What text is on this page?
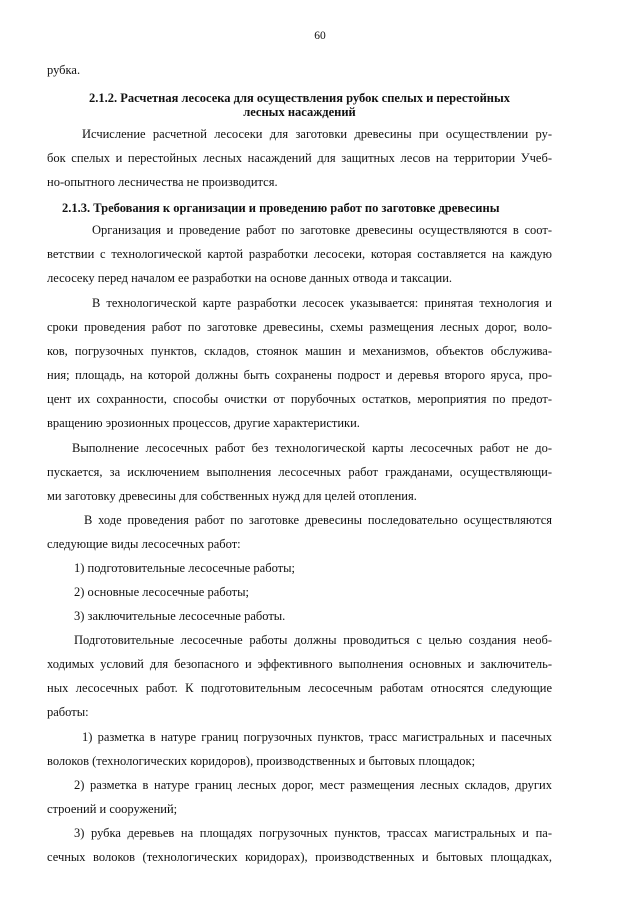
60
рубка.
2.1.2. Расчетная лесосека для осуществления рубок спелых и перестойных
лесных насаждений
Исчисление расчетной лесосеки для заготовки древесины при осуществлении ру-
бок спелых и перестойных лесных насаждений для защитных лесов на территории Учеб-
но-опытного лесничества не производится.
2.1.3. Требования к организации и проведению работ по заготовке древесины
Организация и проведение работ по заготовке древесины осуществляются в соот-
ветствии с технологической картой разработки лесосеки, которая составляется на каждую
лесосеку перед началом ее разработки на основе данных отвода и таксации.
В технологической карте разработки лесосек указывается: принятая технология и
сроки проведения работ по заготовке древесины, схемы размещения лесных дорог, воло-
ков, погрузочных пунктов, складов, стоянок машин и механизмов, объектов обслужива-
ния; площадь, на которой должны быть сохранены подрост и деревья второго яруса, про-
цент их сохранности, способы очистки от порубочных остатков, мероприятия по предот-
вращению эрозионных процессов, другие характеристики.
Выполнение лесосечных работ без технологической карты лесосечных работ не до-
пускается, за исключением выполнения лесосечных работ гражданами, осуществляющи-
ми заготовку древесины для собственных нужд для целей отопления.
В ходе проведения работ по заготовке древесины последовательно осуществляются
следующие виды лесосечных работ:
1) подготовительные лесосечные работы;
2) основные лесосечные работы;
3) заключительные лесосечные работы.
Подготовительные лесосечные работы должны проводиться с целью создания необ-
ходимых условий для безопасного и эффективного выполнения основных и заключитель-
ных лесосечных работ. К подготовительным лесосечным работам относятся следующие
работы:
1) разметка в натуре границ погрузочных пунктов, трасс магистральных и пасечных
волоков (технологических коридоров), производственных и бытовых площадок;
2) разметка в натуре границ лесных дорог, мест размещения лесных складов, других
строений и сооружений;
3) рубка деревьев на площадях погрузочных пунктов, трассах магистральных и па-
сечных волоков (технологических коридорах), производственных и бытовых площадках,
